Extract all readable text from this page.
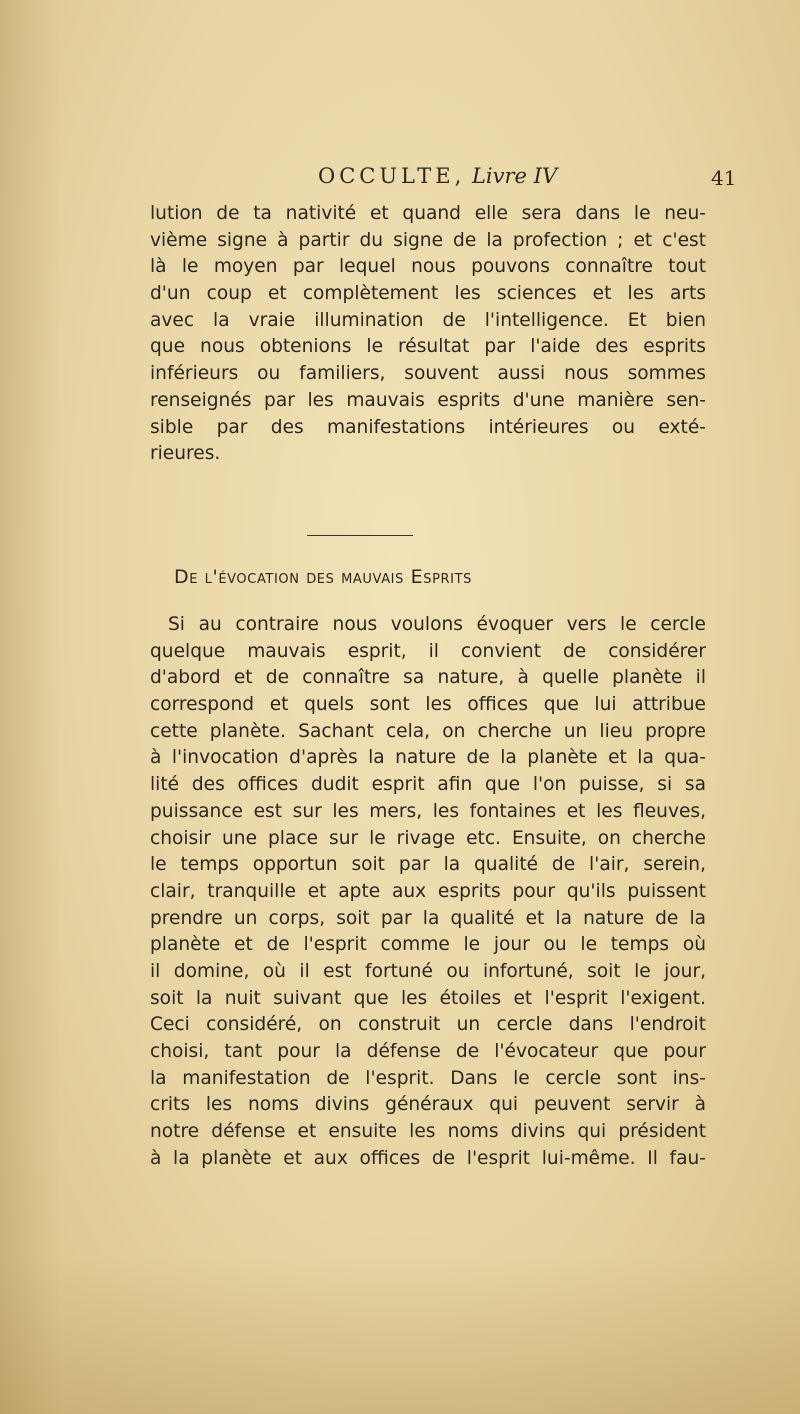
OCCULTE, Livre IV	41
lution de ta nativité et quand elle sera dans le neu-
vième signe à partir du signe de la profection ; et c'est
là le moyen par lequel nous pouvons connaître tout
d'un coup et complètement les sciences et les arts
avec la vraie illumination de l'intelligence. Et bien
que nous obtenions le résultat par l'aide des esprits
inférieurs ou familiers, souvent aussi nous sommes
renseignés par les mauvais esprits d'une manière sen-
sible par des manifestations intérieures ou exté-
rieures.
De l'évocation des mauvais Esprits
Si au contraire nous voulons évoquer vers le cercle
quelque mauvais esprit, il convient de considérer
d'abord et de connaître sa nature, à quelle planète il
correspond et quels sont les offices que lui attribue
cette planète. Sachant cela, on cherche un lieu propre
à l'invocation d'après la nature de la planète et la qua-
lité des offices dudit esprit afin que l'on puisse, si sa
puissance est sur les mers, les fontaines et les fleuves,
choisir une place sur le rivage etc. Ensuite, on cherche
le temps opportun soit par la qualité de l'air, serein,
clair, tranquille et apte aux esprits pour qu'ils puissent
prendre un corps, soit par la qualité et la nature de la
planète et de l'esprit comme le jour ou le temps où
il domine, où il est fortuné ou infortuné, soit le jour,
soit la nuit suivant que les étoiles et l'esprit l'exigent.
Ceci considéré, on construit un cercle dans l'endroit
choisi, tant pour la défense de l'évocateur que pour
la manifestation de l'esprit. Dans le cercle sont ins-
crits les noms divins généraux qui peuvent servir à
notre défense et ensuite les noms divins qui président
à la planète et aux offices de l'esprit lui-même. Il fau-
